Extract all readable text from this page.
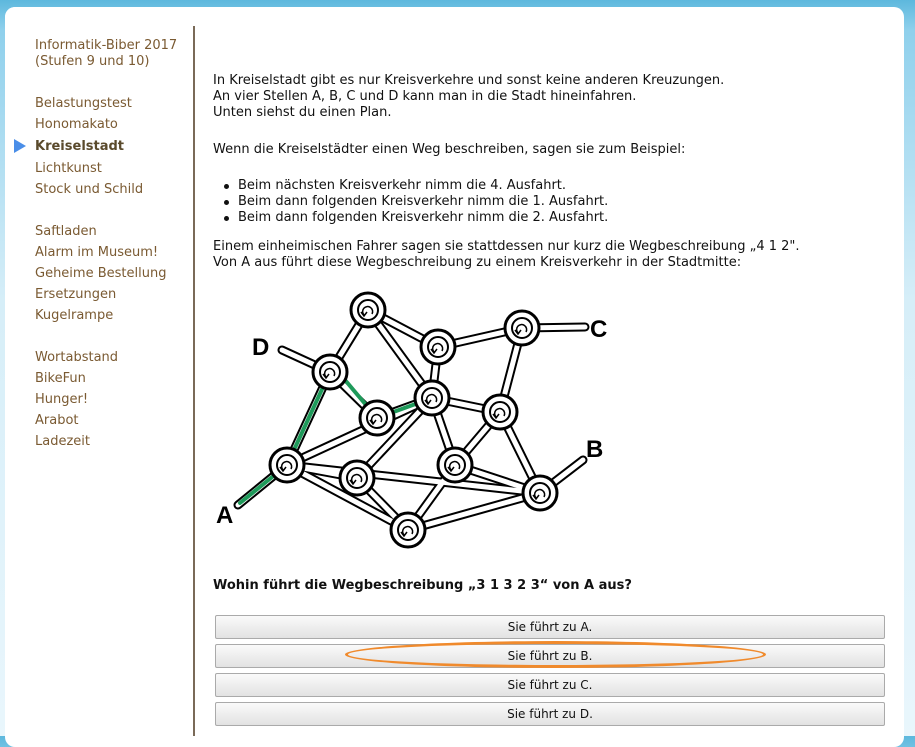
Informatik-Biber 2017
(Stufen 9 und 10)
Belastungstest
Honomakato
Kreiselstadt
Lichtkunst
Stock und Schild
Saftladen
Alarm im Museum!
Geheime Bestellung
Ersetzungen
Kugelrampe
Wortabstand
BikeFun
Hunger!
Arabot
Ladezeit
In Kreiselstadt gibt es nur Kreisverkehre und sonst keine anderen Kreuzungen.
An vier Stellen A, B, C und D kann man in die Stadt hineinfahren.
Unten siehst du einen Plan.
Wenn die Kreiselstädter einen Weg beschreiben, sagen sie zum Beispiel:
Beim nächsten Kreisverkehr nimm die 4. Ausfahrt.
Beim dann folgenden Kreisverkehr nimm die 1. Ausfahrt.
Beim dann folgenden Kreisverkehr nimm die 2. Ausfahrt.
Einem einheimischen Fahrer sagen sie stattdessen nur kurz die Wegbeschreibung „4 1 2".
Von A aus führt diese Wegbeschreibung zu einem Kreisverkehr in der Stadtmitte:
Wohin führt die Wegbeschreibung „3 1 3 2 3“ von A aus?
Sie führt zu A.
Sie führt zu B.
Sie führt zu C.
Sie führt zu D.
D
C
B
A
